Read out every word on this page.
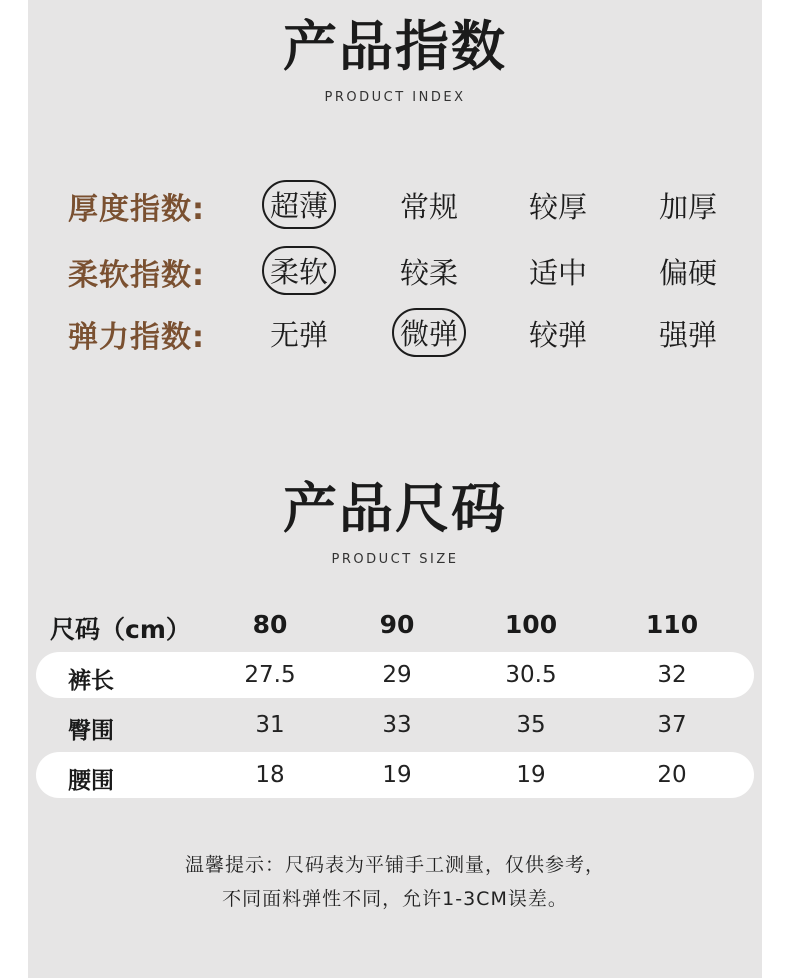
产品指数
PRODUCT INDEX
厚度指数:	超薄	常规	较厚	加厚
柔软指数:	柔软	较柔	适中	偏硬
弹力指数:	无弹	微弹	较弹	强弹
产品尺码
PRODUCT SIZE
尺码（cm）	80	90	100	110
裤长	27.5	29	30.5	32
臀围	31	33	35	37
腰围	18	19	19	20
温馨提示：尺码表为平铺手工测量，仅供参考，
不同面料弹性不同，允许1-3CM误差。
